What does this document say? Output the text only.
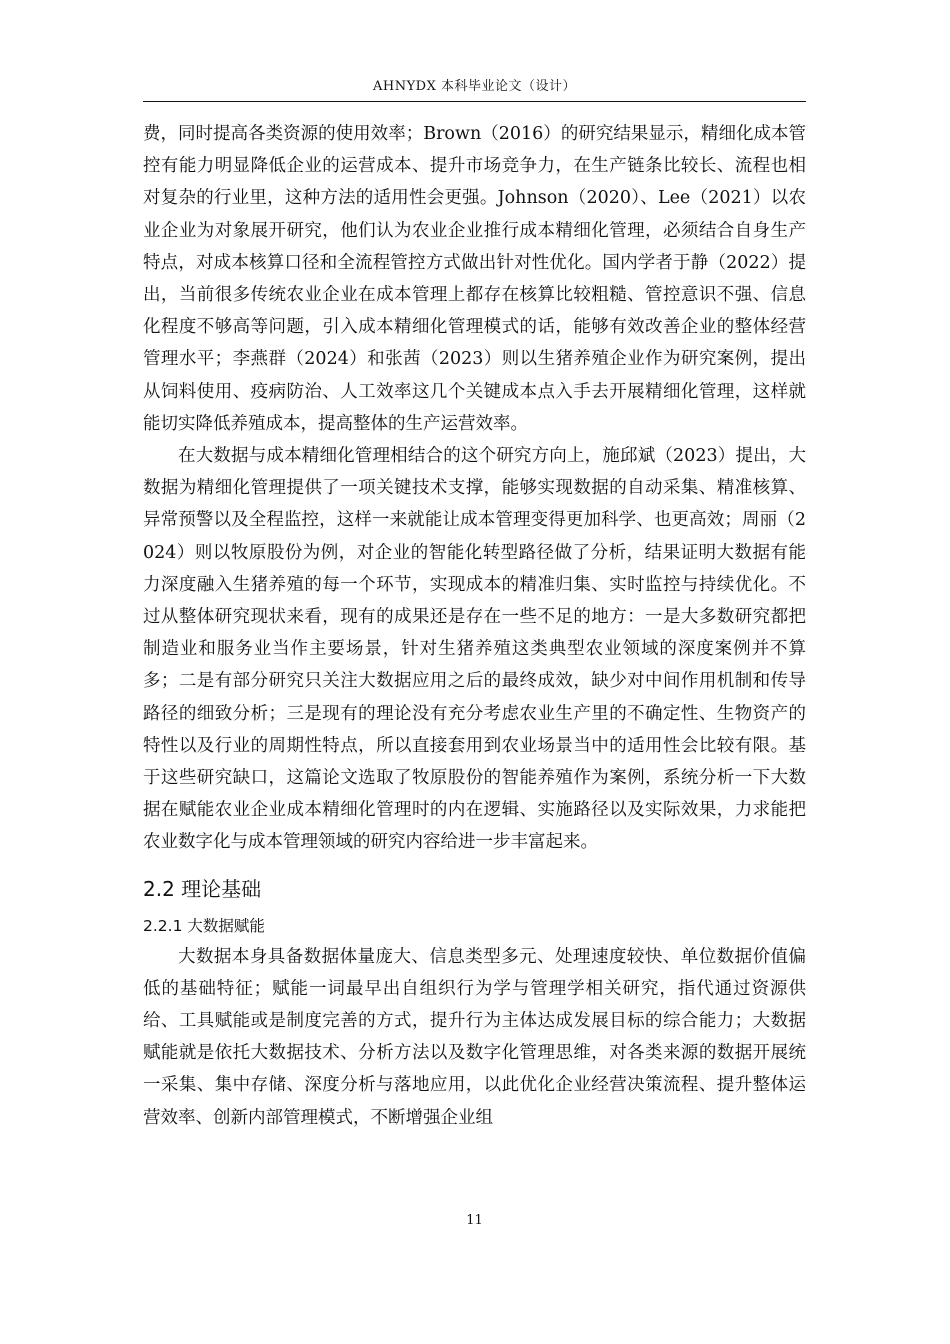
AHNYDX 本科毕业论文（设计）

费，同时提高各类资源的使用效率；Brown（2016）的研究结果显示，精细化成本管控有能力明显降低企业的运营成本、提升市场竞争力，在生产链条比较长、流程也相对复杂的行业里，这种方法的适用性会更强。Johnson（2020）、Lee（2021）以农业企业为对象展开研究，他们认为农业企业推行成本精细化管理，必须结合自身生产特点，对成本核算口径和全流程管控方式做出针对性优化。国内学者于静（2022）提出，当前很多传统农业企业在成本管理上都存在核算比较粗糙、管控意识不强、信息化程度不够高等问题，引入成本精细化管理模式的话，能够有效改善企业的整体经营管理水平；李燕群（2024）和张茜（2023）则以生猪养殖企业作为研究案例，提出从饲料使用、疫病防治、人工效率这几个关键成本点入手去开展精细化管理，这样就能切实降低养殖成本，提高整体的生产运营效率。

在大数据与成本精细化管理相结合的这个研究方向上，施邱斌（2023）提出，大数据为精细化管理提供了一项关键技术支撑，能够实现数据的自动采集、精准核算、异常预警以及全程监控，这样一来就能让成本管理变得更加科学、也更高效；周丽（2024）则以牧原股份为例，对企业的智能化转型路径做了分析，结果证明大数据有能力深度融入生猪养殖的每一个环节，实现成本的精准归集、实时监控与持续优化。不过从整体研究现状来看，现有的成果还是存在一些不足的地方：一是大多数研究都把制造业和服务业当作主要场景，针对生猪养殖这类典型农业领域的深度案例并不算多；二是有部分研究只关注大数据应用之后的最终成效，缺少对中间作用机制和传导路径的细致分析；三是现有的理论没有充分考虑农业生产里的不确定性、生物资产的特性以及行业的周期性特点，所以直接套用到农业场景当中的适用性会比较有限。基于这些研究缺口，这篇论文选取了牧原股份的智能养殖作为案例，系统分析一下大数据在赋能农业企业成本精细化管理时的内在逻辑、实施路径以及实际效果，力求能把农业数字化与成本管理领域的研究内容给进一步丰富起来。

2.2 理论基础
2.2.1 大数据赋能

大数据本身具备数据体量庞大、信息类型多元、处理速度较快、单位数据价值偏低的基础特征；赋能一词最早出自组织行为学与管理学相关研究，指代通过资源供给、工具赋能或是制度完善的方式，提升行为主体达成发展目标的综合能力；大数据赋能就是依托大数据技术、分析方法以及数字化管理思维，对各类来源的数据开展统一采集、集中存储、深度分析与落地应用，以此优化企业经营决策流程、提升整体运营效率、创新内部管理模式，不断增强企业组

11
